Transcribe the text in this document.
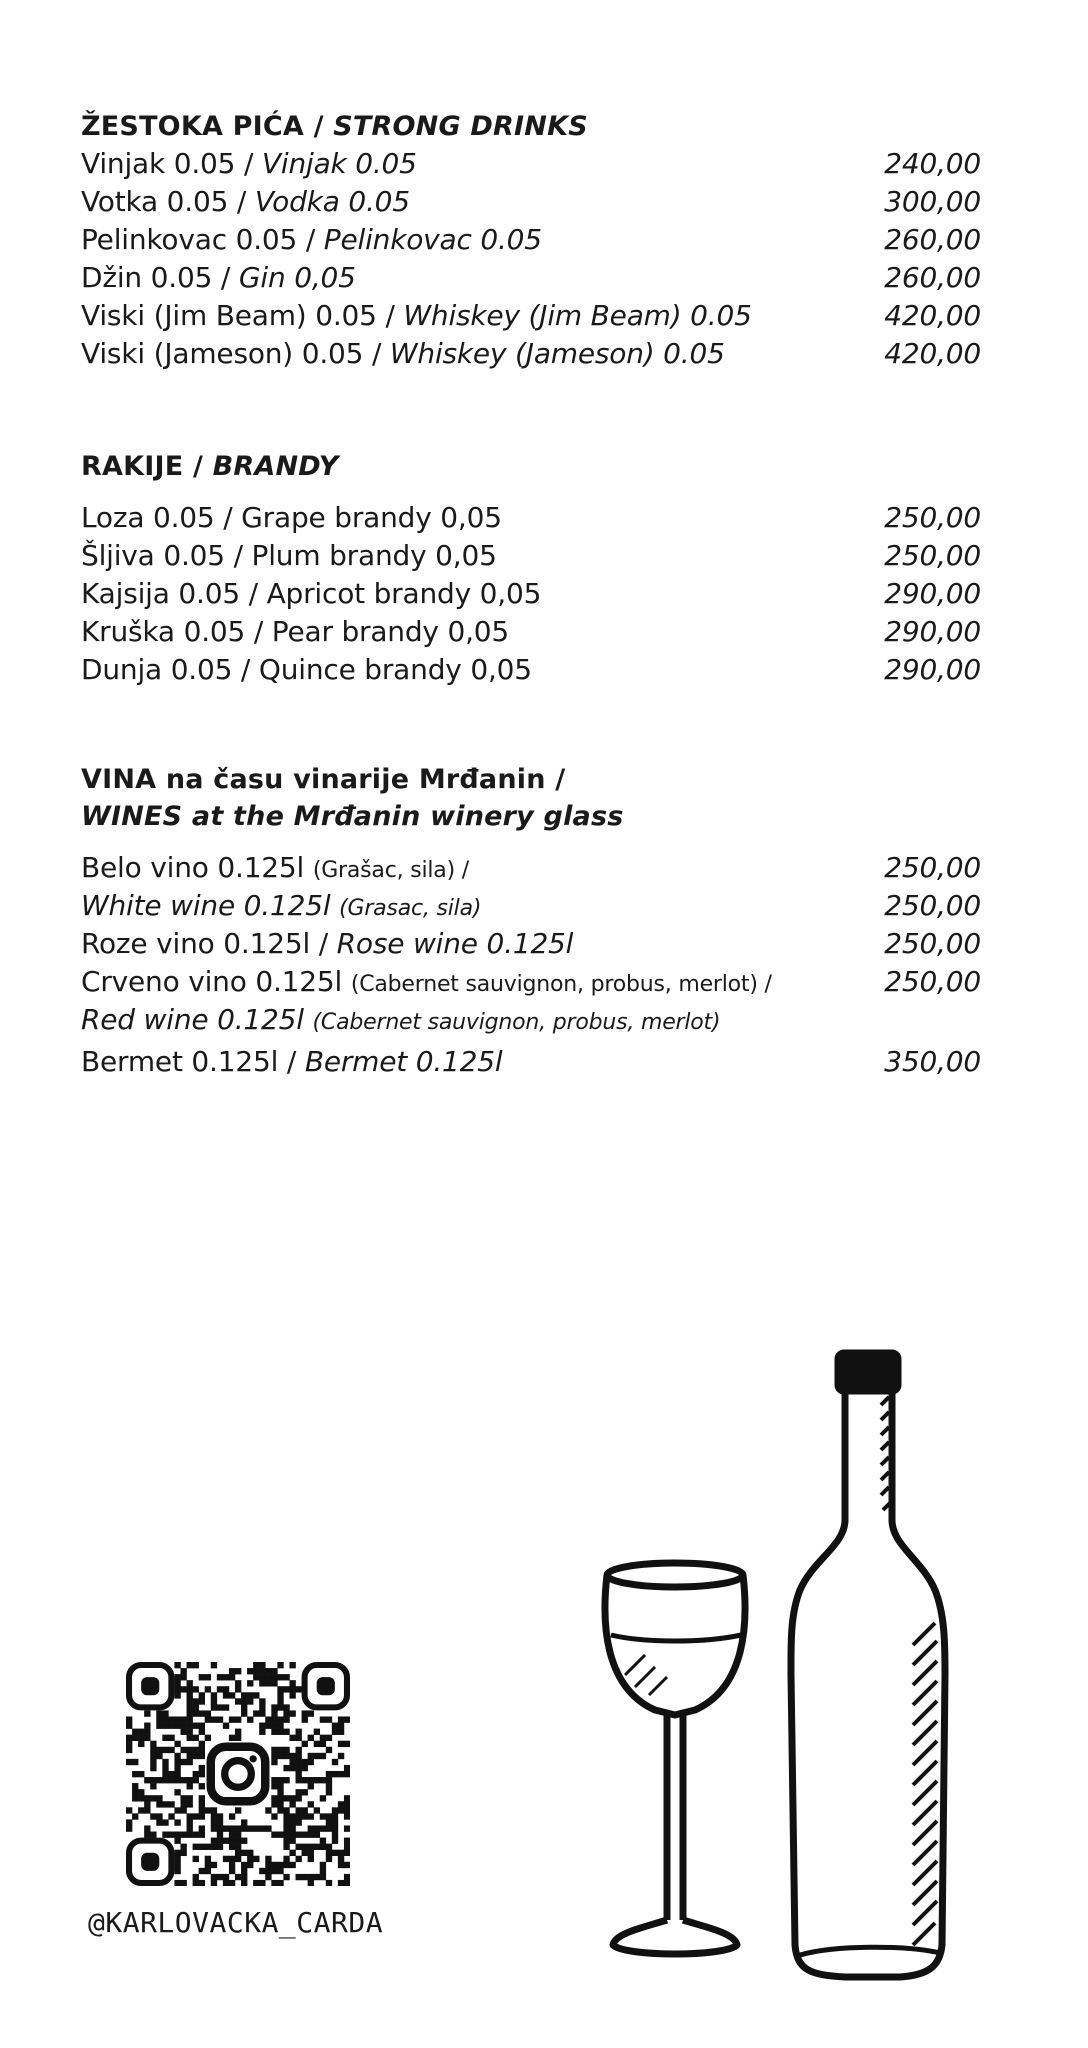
ŽESTOKA PIĆA / STRONG DRINKS
Vinjak 0.05 / Vinjak 0.05	240,00
Votka 0.05 / Vodka 0.05	300,00
Pelinkovac 0.05 / Pelinkovac 0.05	260,00
Džin 0.05 / Gin 0,05	260,00
Viski (Jim Beam) 0.05 / Whiskey (Jim Beam) 0.05	420,00
Viski (Jameson) 0.05 / Whiskey (Jameson) 0.05	420,00
RAKIJE / BRANDY
Loza 0.05 / Grape brandy 0,05	250,00
Šljiva 0.05 / Plum brandy 0,05	250,00
Kajsija 0.05 / Apricot brandy 0,05	290,00
Kruška 0.05 / Pear brandy 0,05	290,00
Dunja 0.05 / Quince brandy 0,05	290,00
VINA na času vinarije Mrđanin /
WINES at the Mrđanin winery glass
Belo vino 0.125l (Grašac, sila) /	250,00
White wine 0.125l (Grasac, sila)	250,00
Roze vino 0.125l / Rose wine 0.125l	250,00
Crveno vino 0.125l (Cabernet sauvignon, probus, merlot) /	250,00
Red wine 0.125l (Cabernet sauvignon, probus, merlot)
Bermet 0.125l / Bermet 0.125l	350,00
@KARLOVACKA_CARDA
